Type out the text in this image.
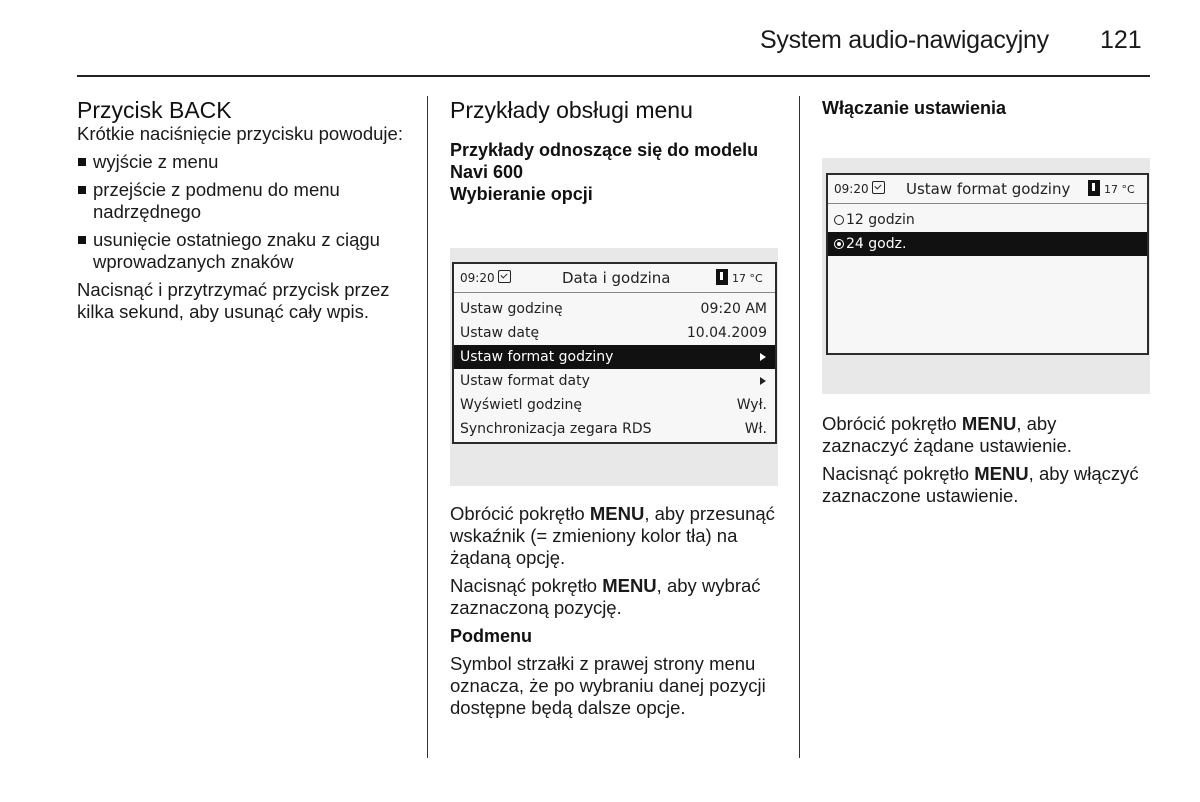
System audio-nawigacyjny	121
Przycisk BACK

Krótkie naciśnięcie przycisku powoduje:

wyjście z menu
przejście z podmenu do menu nadrzędnego
usunięcie ostatniego znaku z ciągu wprowadzanych znaków

Nacisnąć i przytrzymać przycisk przez kilka sekund, aby usunąć cały wpis.

Przykłady obsługi menu
Przykłady odnoszące się do modelu Navi 600
Wybieranie opcji
09:20	Data i godzina	17 °C
Ustaw godzinę	09:20 AM
Ustaw datę	10.04.2009
Ustaw format godziny
Ustaw format daty
Wyświetl godzinę	Wył.
Synchronizacja zegara RDS	Wł.

Obrócić pokrętło MENU, aby przesunąć wskaźnik (= zmieniony kolor tła) na żądaną opcję.

Nacisnąć pokrętło MENU, aby wybrać zaznaczoną pozycję.

Podmenu

Symbol strzałki z prawej strony menu oznacza, że po wybraniu danej pozycji dostępne będą dalsze opcje.

Włączanie ustawienia
09:20 Ustaw format godziny	17 °C
12 godzin
24 godz.

Obrócić pokrętło MENU, aby zaznaczyć żądane ustawienie.

Nacisnąć pokrętło MENU, aby włączyć zaznaczone ustawienie.
